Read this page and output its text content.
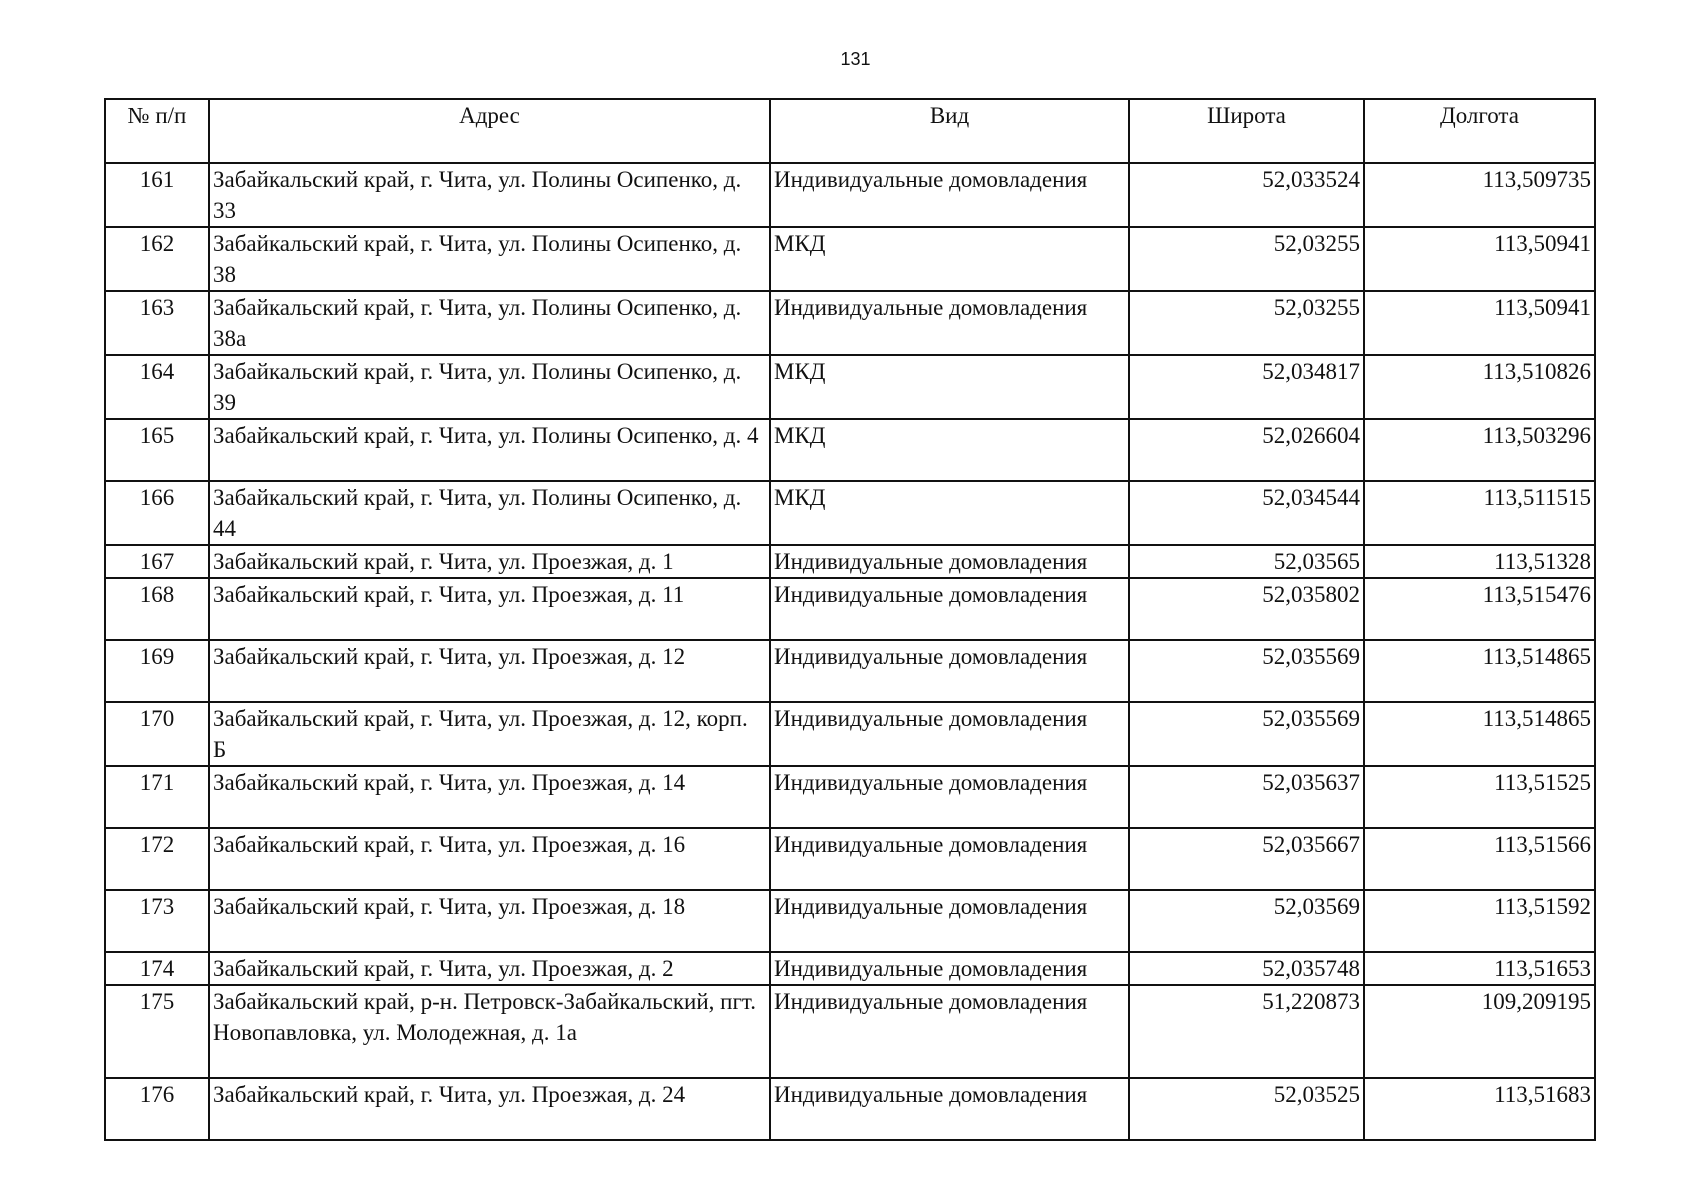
131
№ п/п	Адрес	Вид	Широта	Долгота
161	Забайкальский край, г. Чита, ул. Полины Осипенко, д. 33	Индивидуальные домовладения	52,033524	113,509735
162	Забайкальский край, г. Чита, ул. Полины Осипенко, д. 38	МКД	52,03255	113,50941
163	Забайкальский край, г. Чита, ул. Полины Осипенко, д. 38а	Индивидуальные домовладения	52,03255	113,50941
164	Забайкальский край, г. Чита, ул. Полины Осипенко, д. 39	МКД	52,034817	113,510826
165	Забайкальский край, г. Чита, ул. Полины Осипенко, д. 4	МКД	52,026604	113,503296
166	Забайкальский край, г. Чита, ул. Полины Осипенко, д. 44	МКД	52,034544	113,511515
167	Забайкальский край, г. Чита, ул. Проезжая, д. 1	Индивидуальные домовладения	52,03565	113,51328
168	Забайкальский край, г. Чита, ул. Проезжая, д. 11	Индивидуальные домовладения	52,035802	113,515476
169	Забайкальский край, г. Чита, ул. Проезжая, д. 12	Индивидуальные домовладения	52,035569	113,514865
170	Забайкальский край, г. Чита, ул. Проезжая, д. 12, корп. Б	Индивидуальные домовладения	52,035569	113,514865
171	Забайкальский край, г. Чита, ул. Проезжая, д. 14	Индивидуальные домовладения	52,035637	113,51525
172	Забайкальский край, г. Чита, ул. Проезжая, д. 16	Индивидуальные домовладения	52,035667	113,51566
173	Забайкальский край, г. Чита, ул. Проезжая, д. 18	Индивидуальные домовладения	52,03569	113,51592
174	Забайкальский край, г. Чита, ул. Проезжая, д. 2	Индивидуальные домовладения	52,035748	113,51653
175	Забайкальский край, р-н. Петровск-Забайкальский, пгт. Новопавловка, ул. Молодежная, д. 1а	Индивидуальные домовладения	51,220873	109,209195
176	Забайкальский край, г. Чита, ул. Проезжая, д. 24	Индивидуальные домовладения	52,03525	113,51683
